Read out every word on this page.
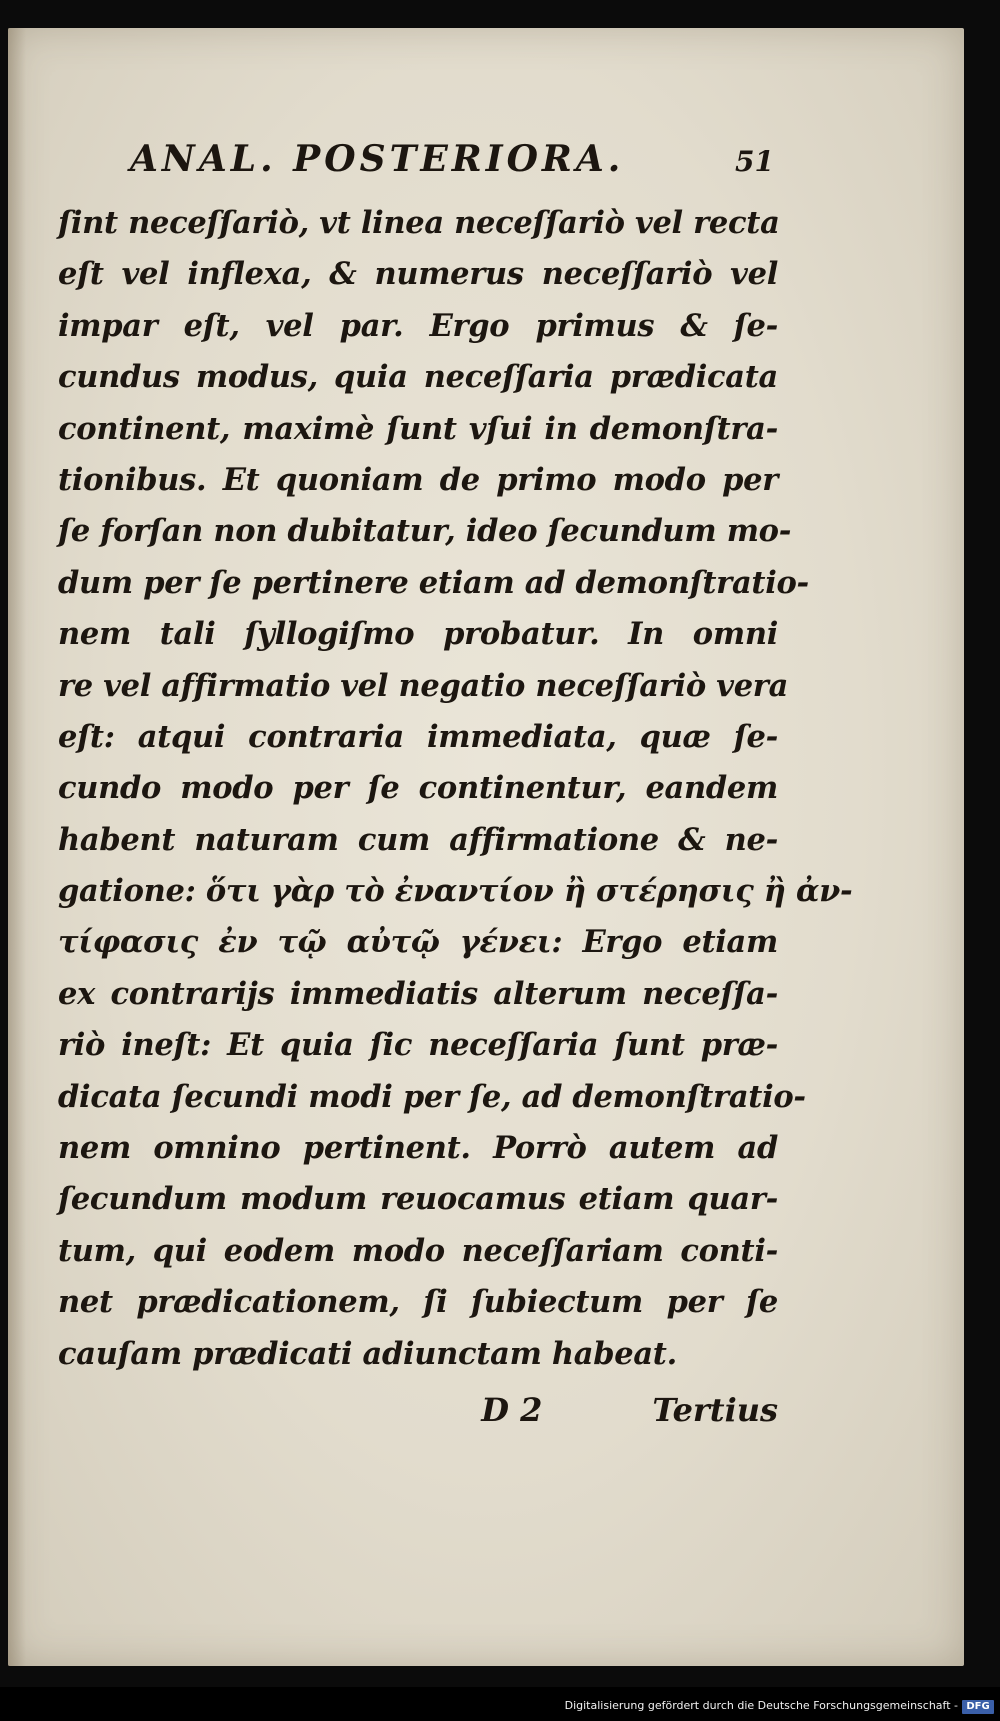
ANAL. POSTERIORA.	51
ſint neceſſariò, vt linea neceſſariò vel recta
eſt vel inflexa, & numerus neceſſariò vel
impar eſt, vel par. Ergo primus & ſe-
cundus modus, quia neceſſaria prædicata
continent, maximè ſunt vſui in demonſtra-
tionibus. Et quoniam de primo modo per
ſe forſan non dubitatur, ideo ſecundum mo-
dum per ſe pertinere etiam ad demonſtratio-
nem tali ſyllogiſmo probatur. In omni
re vel affirmatio vel negatio neceſſariò vera
eſt: atqui contraria immediata, quæ ſe-
cundo modo per ſe continentur, eandem
habent naturam cum affirmatione & ne-
gatione: ὅτι γὰρ τὸ ἐναντίον ἢ στέρησις ἢ ἀν-
τίφασις ἐν τῷ αὐτῷ γένει: Ergo etiam
ex contrarijs immediatis alterum neceſſa-
riò ineſt: Et quia ſic neceſſaria ſunt præ-
dicata ſecundi modi per ſe, ad demonſtratio-
nem omnino pertinent. Porrò autem ad
ſecundum modum reuocamus etiam quar-
tum, qui eodem modo neceſſariam conti-
net prædicationem, ſi ſubiectum per ſe
cauſam prædicati adiunctam habeat.
D 2	Tertius
Digitalisierung gefördert durch die Deutsche Forschungsgemeinschaft - DFG
